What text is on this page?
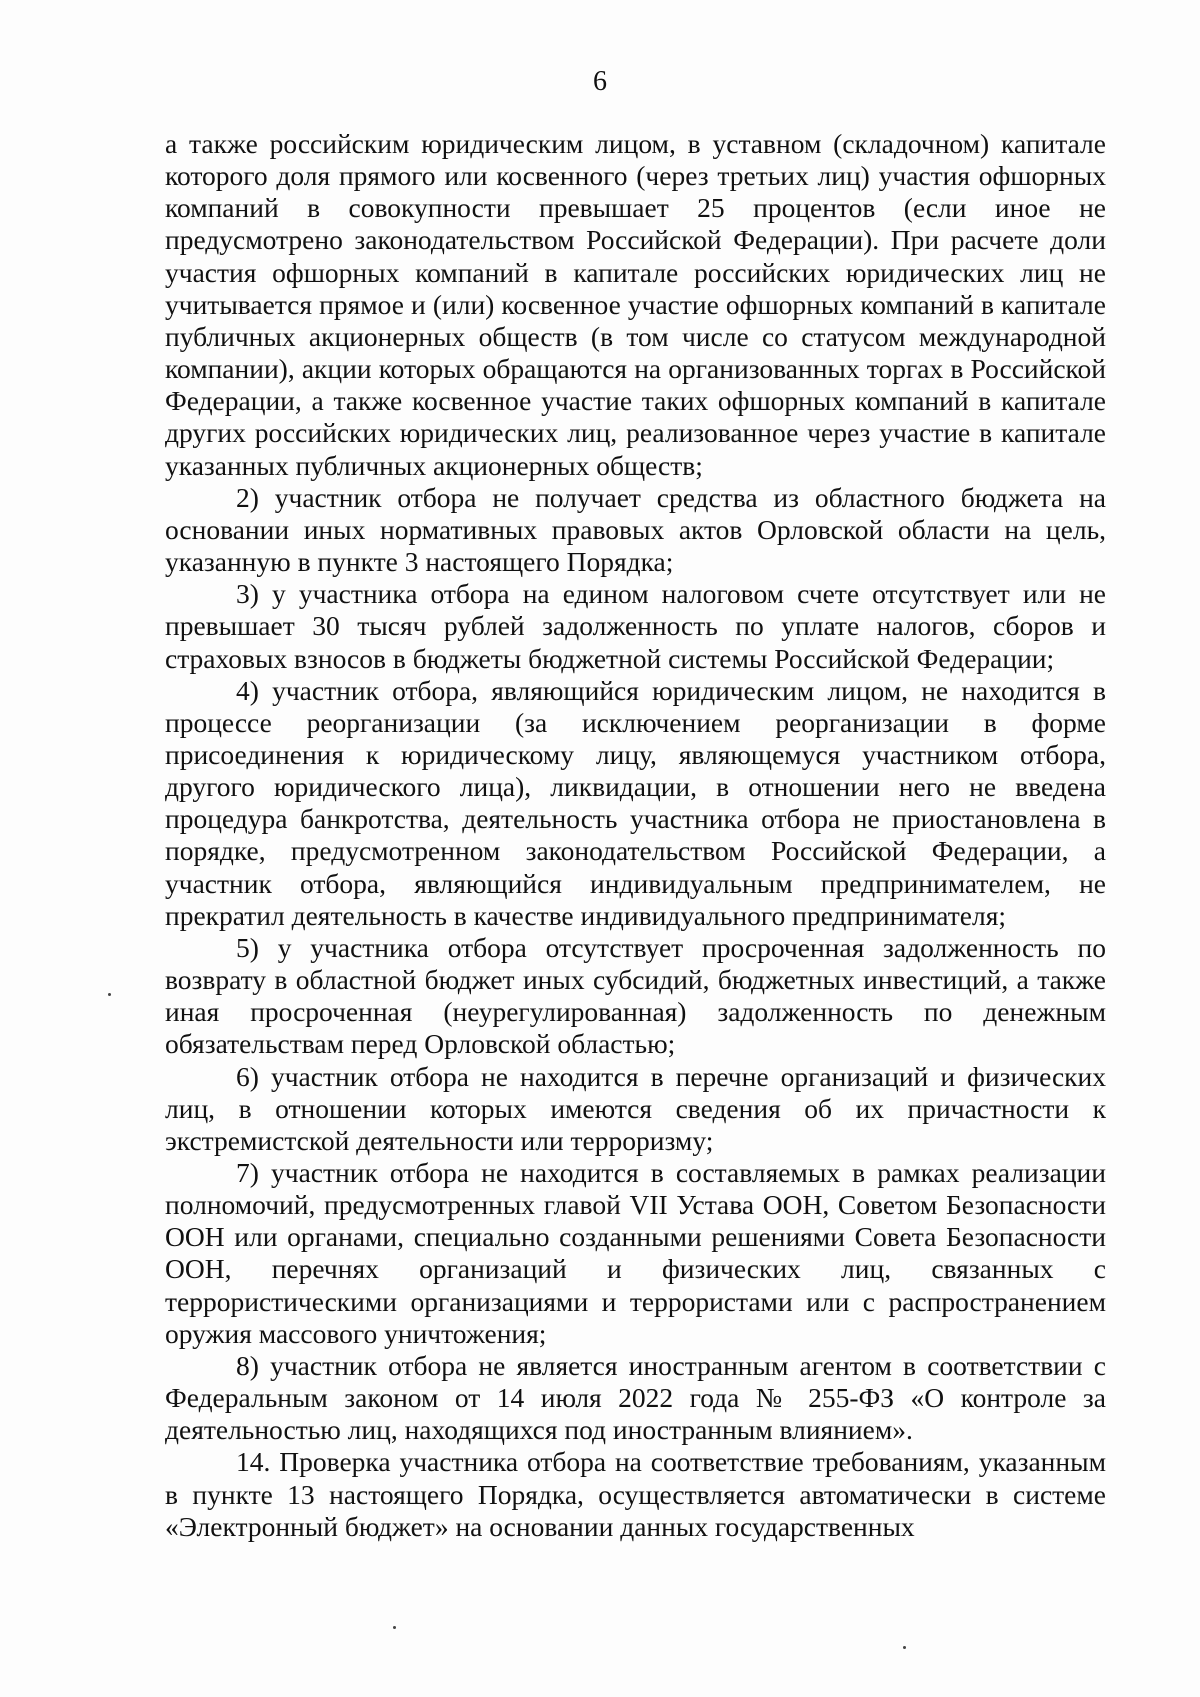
6

а также российским юридическим лицом, в уставном (складочном) капитале которого доля прямого или косвенного (через третьих лиц) участия офшорных компаний в совокупности превышает 25 процентов (если иное не предусмотрено законодательством Российской Федерации). При расчете доли участия офшорных компаний в капитале российских юридических лиц не учитывается прямое и (или) косвенное участие офшорных компаний в капитале публичных акционерных обществ (в том числе со статусом международной компании), акции которых обращаются на организованных торгах в Российской Федерации, а также косвенное участие таких офшорных компаний в капитале других российских юридических лиц, реализованное через участие в капитале указанных публичных акционерных обществ;

2) участник отбора не получает средства из областного бюджета на основании иных нормативных правовых актов Орловской области на цель, указанную в пункте 3 настоящего Порядка;

3) у участника отбора на едином налоговом счете отсутствует или не превышает 30 тысяч рублей задолженность по уплате налогов, сборов и страховых взносов в бюджеты бюджетной системы Российской Федерации;

4) участник отбора, являющийся юридическим лицом, не находится в процессе реорганизации (за исключением реорганизации в форме присоединения к юридическому лицу, являющемуся участником отбора, другого юридического лица), ликвидации, в отношении него не введена процедура банкротства, деятельность участника отбора не приостановлена в порядке, предусмотренном законодательством Российской Федерации, а участник отбора, являющийся индивидуальным предпринимателем, не прекратил деятельность в качестве индивидуального предпринимателя;

5) у участника отбора отсутствует просроченная задолженность по возврату в областной бюджет иных субсидий, бюджетных инвестиций, а также иная просроченная (неурегулированная) задолженность по денежным обязательствам перед Орловской областью;

6) участник отбора не находится в перечне организаций и физических лиц, в отношении которых имеются сведения об их причастности к экстремистской деятельности или терроризму;

7) участник отбора не находится в составляемых в рамках реализации полномочий, предусмотренных главой VII Устава ООН, Советом Безопасности ООН или органами, специально созданными решениями Совета Безопасности ООН, перечнях организаций и физических лиц, связанных с террористическими организациями и террористами или с распространением оружия массового уничтожения;

8) участник отбора не является иностранным агентом в соответствии с Федеральным законом от 14 июля 2022 года № 255-ФЗ «О контроле за деятельностью лиц, находящихся под иностранным влиянием».

14. Проверка участника отбора на соответствие требованиям, указанным в пункте 13 настоящего Порядка, осуществляется автоматически в системе «Электронный бюджет» на основании данных государственных
